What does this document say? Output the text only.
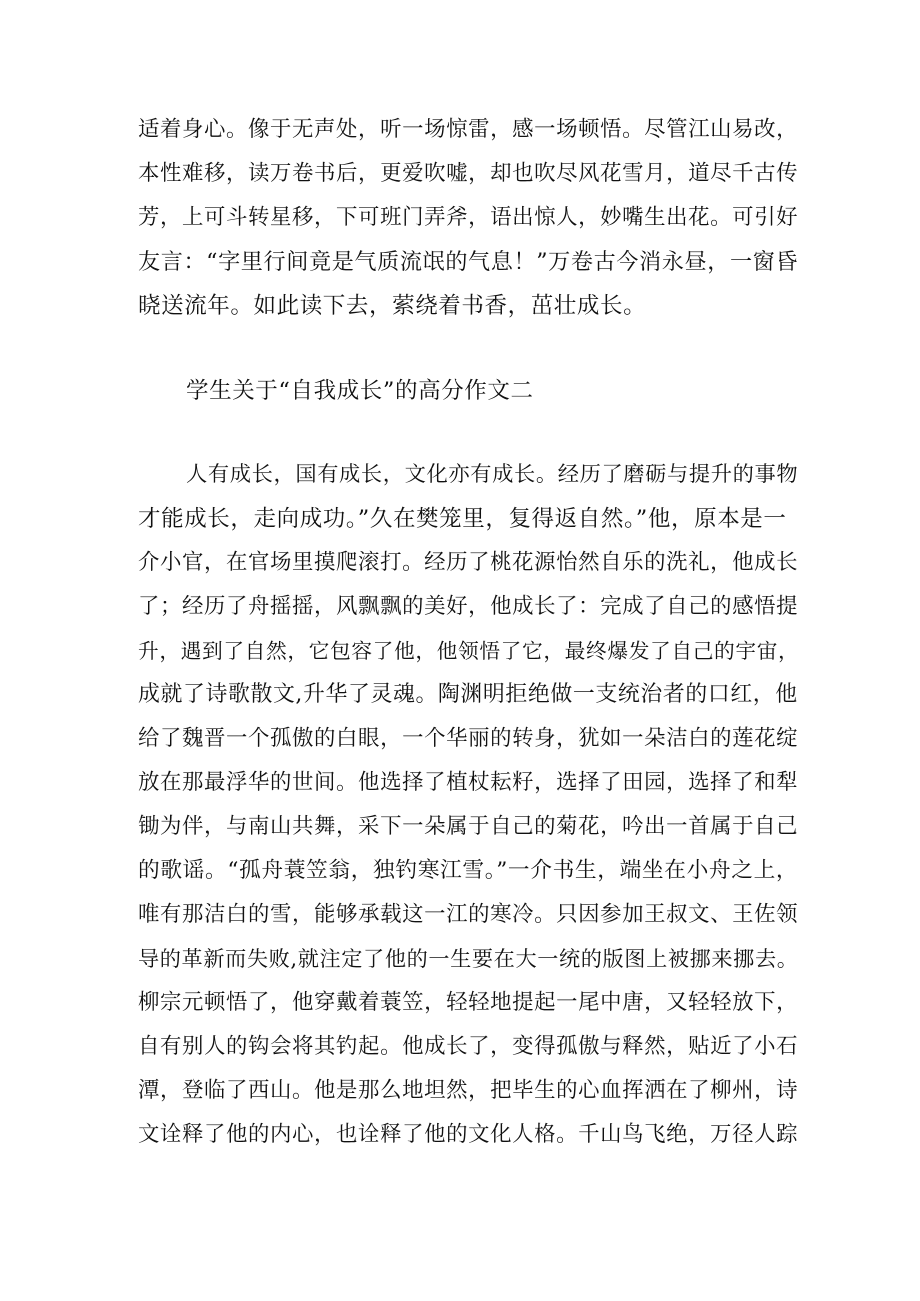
适着身心。像于无声处，听一场惊雷，感一场顿悟。尽管江山易改，
本性难移，读万卷书后，更爱吹嘘，却也吹尽风花雪月，道尽千古传
芳，上可斗转星移，下可班门弄斧，语出惊人，妙嘴生出花。可引好
友言：“字里行间竟是气质流氓的气息！”万卷古今消永昼，一窗昏
晓送流年。如此读下去，萦绕着书香，茁壮成长。
学生关于“自我成长”的高分作文二
人有成长，国有成长，文化亦有成长。经历了磨砺与提升的事物
才能成长，走向成功。”久在樊笼里，复得返自然。”他，原本是一
介小官，在官场里摸爬滚打。经历了桃花源怡然自乐的洗礼，他成长
了；经历了舟摇摇，风飘飘的美好，他成长了：完成了自己的感悟提
升，遇到了自然，它包容了他，他领悟了它，最终爆发了自己的宇宙，
成就了诗歌散文,升华了灵魂。陶渊明拒绝做一支统治者的口红，他
给了魏晋一个孤傲的白眼，一个华丽的转身，犹如一朵洁白的莲花绽
放在那最浮华的世间。他选择了植杖耘籽，选择了田园，选择了和犁
锄为伴，与南山共舞，采下一朵属于自己的菊花，吟出一首属于自己
的歌谣。“孤舟蓑笠翁，独钓寒江雪。”一介书生，端坐在小舟之上，
唯有那洁白的雪，能够承载这一江的寒冷。只因参加王叔文、王佐领
导的革新而失败,就注定了他的一生要在大一统的版图上被挪来挪去。
柳宗元顿悟了，他穿戴着蓑笠，轻轻地提起一尾中唐，又轻轻放下，
自有别人的钩会将其钓起。他成长了，变得孤傲与释然，贴近了小石
潭，登临了西山。他是那么地坦然，把毕生的心血挥洒在了柳州，诗
文诠释了他的内心，也诠释了他的文化人格。千山鸟飞绝，万径人踪
